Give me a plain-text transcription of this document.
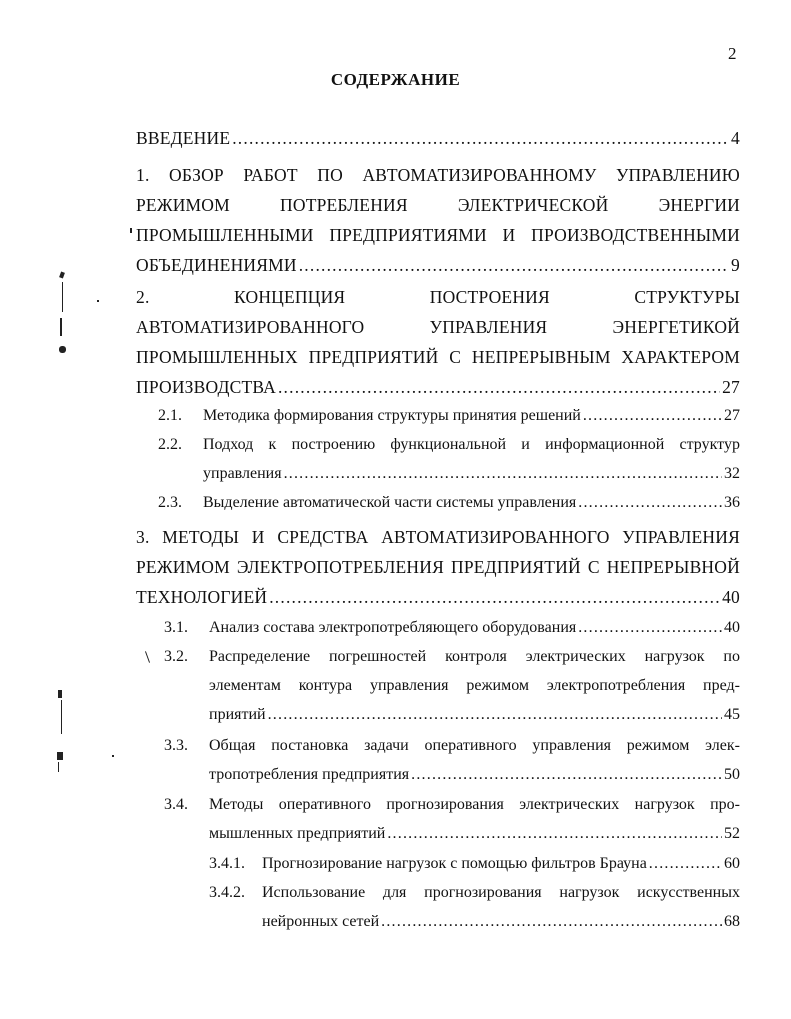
2
СОДЕРЖАНИЕ
ВВЕДЕНИЕ .....	4
1. ОБЗОР РАБОТ ПО АВТОМАТИЗИРОВАННОМУ УПРАВЛЕНИЮ
РЕЖИМОМ	ПОТРЕБЛЕНИЯ	ЭЛЕКТРИЧЕСКОЙ	ЭНЕРГИИ
ПРОМЫШЛЕННЫМИ ПРЕДПРИЯТИЯМИ И ПРОИЗВОДСТВЕННЫМИ
ОБЪЕДИНЕНИЯМИ .....	9
2.	КОНЦЕПЦИЯ	ПОСТРОЕНИЯ	СТРУКТУРЫ
АВТОМАТИЗИРОВАННОГО	УПРАВЛЕНИЯ	ЭНЕРГЕТИКОЙ
ПРОМЫШЛЕННЫХ ПРЕДПРИЯТИЙ С НЕПРЕРЫВНЫМ ХАРАКТЕРОМ
ПРОИЗВОДСТВА .....	27
2.1. Методика формирования структуры принятия решений .....	27
2.2. Подход к построению функциональной и информационной структур
управления .....	32
2.3. Выделение автоматической части системы управления .....	36
3. МЕТОДЫ И СРЕДСТВА АВТОМАТИЗИРОВАННОГО УПРАВЛЕНИЯ
РЕЖИМОМ ЭЛЕКТРОПОТРЕБЛЕНИЯ ПРЕДПРИЯТИЙ С НЕПРЕРЫВНОЙ
ТЕХНОЛОГИЕЙ .....	40
3.1. Анализ состава электропотребляющего оборудования .....	40
3.2. Распределение погрешностей контроля электрических нагрузок по
элементам контура управления режимом электропотребления пред-
приятий .....	45
3.3. Общая постановка задачи оперативного управления режимом элек-
тропотребления предприятия .....	50
3.4. Методы оперативного прогнозирования электрических нагрузок про-
мышленных предприятий .....	52
3.4.1. Прогнозирование нагрузок с помощью фильтров Брауна .....	60
3.4.2. Использование для прогнозирования нагрузок искусственных
нейронных сетей .....	68
